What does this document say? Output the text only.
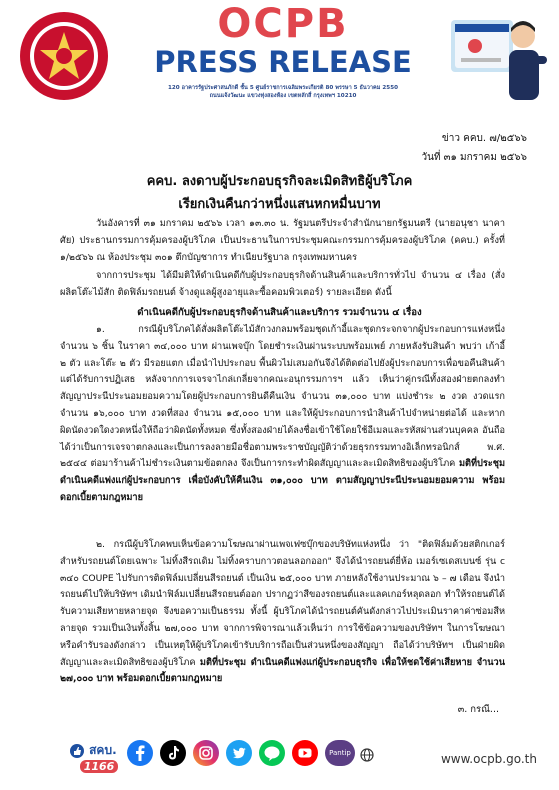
OCPB
PRESS RELEASE
120 อาคารรัฐประศาสนภักดี ชั้น 5 ศูนย์ราชการเฉลิมพระเกียรติ 80 พรรษา 5 ธันวาคม 2550
ถนนแจ้งวัฒนะ แขวงทุ่งสองห้อง เขตหลักสี่ กรุงเทพฯ 10210
ข่าว คคบ. ๗/๒๕๖๖
วันที่ ๓๑ มกราคม ๒๕๖๖
คคบ. ลงดาบผู้ประกอบธุรกิจละเมิดสิทธิผู้บริโภค
เรียกเงินคืนกว่าหนึ่งแสนหกหมื่นบาท
วันอังคารที่ ๓๑ มกราคม ๒๕๖๖ เวลา ๑๓.๓๐ น. รัฐมนตรีประจำสำนักนายกรัฐมนตรี (นายอนุชา นาคาศัย) ประธานกรรมการคุ้มครองผู้บริโภค เป็นประธานในการประชุมคณะกรรมการคุ้มครองผู้บริโภค (คคบ.) ครั้งที่ ๑/๒๕๖๖ ณ ห้องประชุม ๓๐๑ ตึกบัญชาการ ทำเนียบรัฐบาล กรุงเทพมหานคร
จากการประชุม ได้มีมติให้ดำเนินคดีกับผู้ประกอบธุรกิจด้านสินค้าและบริการทั่วไป จำนวน ๔ เรื่อง (สั่งผลิตโต๊ะไม้สัก ติดฟิล์มรถยนต์ จ้างดูแลผู้สูงอายุและซื้อคอมพิวเตอร์) รายละเอียด ดังนี้
ดำเนินคดีกับผู้ประกอบธุรกิจด้านสินค้าและบริการ รวมจำนวน ๔ เรื่อง
๑. กรณีผู้บริโภคได้สั่งผลิตโต๊ะไม้สักวงกลมพร้อมชุดเก้าอี้และชุดกระจกจากผู้ประกอบการแห่งหนึ่ง จำนวน ๖ ชิ้น ในราคา ๓๔,๐๐๐ บาท ผ่านเพจบุ๊ก โดยชำระเงินผ่านระบบพร้อมเพย์ ภายหลังรับสินค้า พบว่า เก้าอี้ ๒ ตัว และโต๊ะ ๒ ตัว มีรอยแตก เมื่อนำไปประกอบ พื้นผิวไม่เสมอกันจึงได้ติดต่อไปยังผู้ประกอบการเพื่อขอคืนสินค้า แต่ได้รับการปฏิเสธ หลังจากการเจรจาไกล่เกลี่ยจากคณะอนุกรรมการฯ แล้ว เห็นว่าคู่กรณีทั้งสองฝ่ายตกลงทำสัญญาประนีประนอมยอมความโดยผู้ประกอบการยินดีคืนเงิน จำนวน ๓๑,๐๐๐ บาท แบ่งชำระ ๒ งวด งวดแรกจำนวน ๑๖,๐๐๐ บาท งวดที่สอง จำนวน ๑๕,๐๐๐ บาท และให้ผู้ประกอบการนำสินค้าไปจำหน่ายต่อได้ และหากผิดนัดงวดใดงวดหนึ่งให้ถือว่าผิดนัดทั้งหมด ซึ่งทั้งสองฝ่ายได้ลงชื่อเข้าใช้โดยใช้อีเมลและรหัสผ่านส่วนบุคคล อันถือได้ว่าเป็นการเจรจาตกลงและเป็นการลงลายมือชื่อตามพระราชบัญญัติว่าด้วยธุรกรรมทางอิเล็กทรอนิกส์ พ.ศ. ๒๕๔๔ ต่อมาร้านค้าไม่ชำระเงินตามข้อตกลง จึงเป็นการกระทำผิดสัญญาและละเมิดสิทธิของผู้บริโภค มติที่ประชุม ดำเนินคดีแพ่งแก่ผู้ประกอบการ เพื่อบังคับให้คืนเงิน ๓๑,๐๐๐ บาท ตามสัญญาประนีประนอมยอมความ พร้อมดอกเบี้ยตามกฎหมาย
๒. กรณีผู้บริโภคพบเห็นข้อความโฆษณาผ่านเพจเฟซบุ๊กของบริษัทแห่งหนึ่ง ว่า "ติดฟิล์มด้วยสติกเกอร์สำหรับรถยนต์โดยเฉพาะ ไม่ทิ้งสีรถเดิม ไม่ทิ้งคราบกาวตอนลอกออก" จึงได้นำรถยนต์ยี่ห้อ เมอร์เซเดสเบนซ์ รุ่น c ๓๔๐ COUPE ไปรับการติดฟิล์มเปลี่ยนสีรถยนต์ เป็นเงิน ๒๕,๐๐๐ บาท ภายหลังใช้งานประมาณ ๖ – ๗ เดือน จึงนำรถยนต์ไปให้บริษัทฯ เดิมนำฟิล์มเปลี่ยนสีรถยนต์ออก ปรากฏว่าสีของรถยนต์และแลคเกอร์หลุดลอก ทำให้รถยนต์ได้รับความเสียหายหลายจุด จึงขอความเป็นธรรม ทั้งนี้ ผู้บริโภคได้นำรถยนต์คันดังกล่าวไปประเมินราคาค่าซ่อมสีหลายจุด รวมเป็นเงินทั้งสิ้น ๒๗,๐๐๐ บาท จากการพิจารณาแล้วเห็นว่า การใช้ข้อความของบริษัทฯ ในการโฆษณาหรือคำรับรองดังกล่าว เป็นเหตุให้ผู้บริโภคเข้ารับบริการถือเป็นส่วนหนึ่งของสัญญา ถือได้ว่าบริษัทฯ เป็นฝ่ายผิดสัญญาและละเมิดสิทธิของผู้บริโภค มติที่ประชุม ดำเนินคดีแพ่งแก่ผู้ประกอบธุรกิจ เพื่อให้ชดใช้ค่าเสียหาย จำนวน ๒๗,๐๐๐ บาท พร้อมดอกเบี้ยตามกฎหมาย
๓. กรณี...
สคบ.
1166
Pantip	www.ocpb.go.th
